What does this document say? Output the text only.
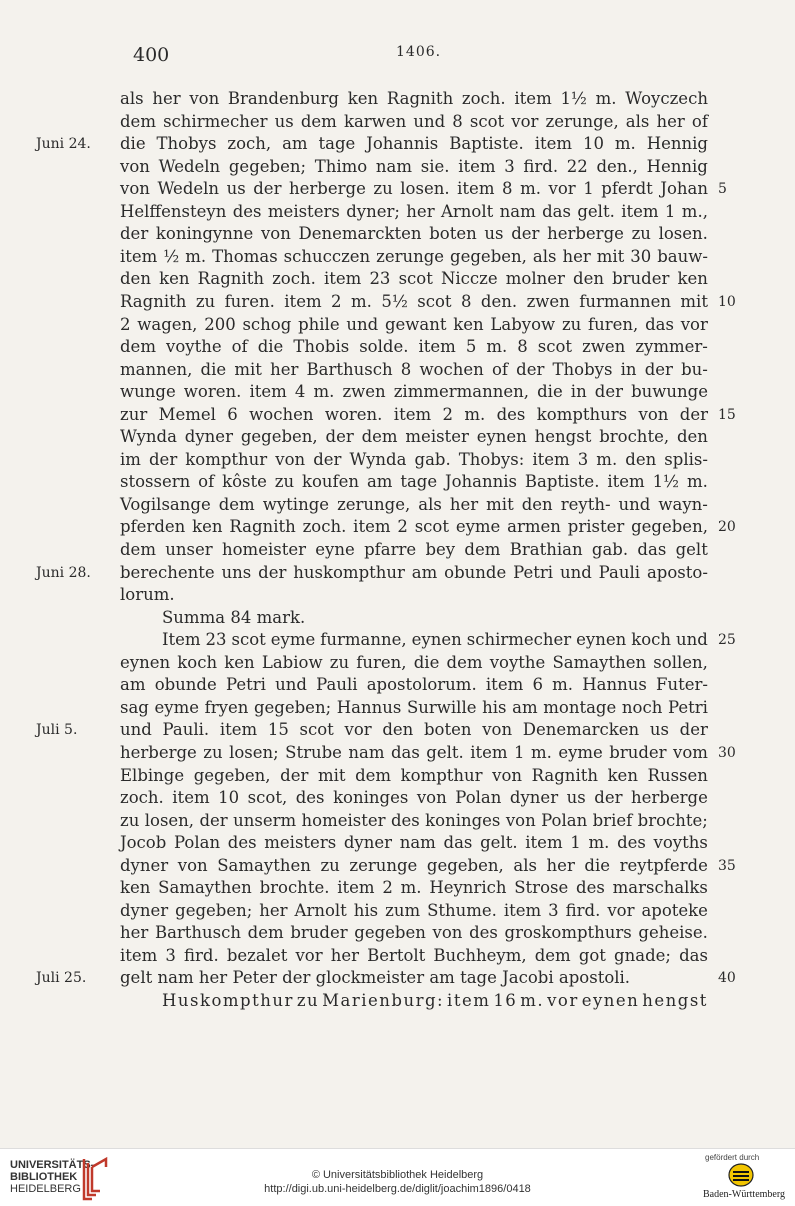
400	1406.
als her von Brandenburg ken Ragnith zoch. item 1½ m. Woyczech
dem schirmecher us dem karwen und 8 scot vor zerunge, als her of
die Thobys zoch, am tage Johannis Baptiste. item 10 m. Hennig
Juni 24.
von Wedeln gegeben; Thimo nam sie. item 3 fird. 22 den., Hennig
von Wedeln us der herberge zu losen. item 8 m. vor 1 pferdt Johan 5
Helffensteyn des meisters dyner; her Arnolt nam das gelt. item 1 m.,
der koningynne von Denemarckten boten us der herberge zu losen.
item ½ m. Thomas schucczen zerunge gegeben, als her mit 30 bauw-
den ken Ragnith zoch. item 23 scot Niccze molner den bruder ken
Ragnith zu furen. item 2 m. 5½ scot 8 den. zwen furmannen mit 10
2 wagen, 200 schog phile und gewant ken Labyow zu furen, das vor
dem voythe of die Thobis solde. item 5 m. 8 scot zwen zymmer-
mannen, die mit her Barthusch 8 wochen of der Thobys in der bu-
wunge woren. item 4 m. zwen zimmermannen, die in der buwunge
zur Memel 6 wochen woren. item 2 m. des kompthurs von der 15
Wynda dyner gegeben, der dem meister eynen hengst brochte, den
im der kompthur von der Wynda gab. Thobys: item 3 m. den splis-
stossern of kôste zu koufen am tage Johannis Baptiste. item 1½ m.
Vogilsange dem wytinge zerunge, als her mit den reyth- und wayn-
pferden ken Ragnith zoch. item 2 scot eyme armen prister gegeben, 20
dem unser homeister eyne pfarre bey dem Brathian gab. das gelt
berechente uns der huskompthur am obunde Petri und Pauli aposto-
Juni 28.
lorum.
Summa 84 mark.
Item 23 scot eyme furmanne, eynen schirmecher eynen koch und 25
eynen koch ken Labiow zu furen, die dem voythe Samaythen sollen,
am obunde Petri und Pauli apostolorum. item 6 m. Hannus Futer-
sag eyme fryen gegeben; Hannus Surwille his am montage noch Petri
und Pauli. item 15 scot vor den boten von Denemarcken us der
Juli 5.
herberge zu losen; Strube nam das gelt. item 1 m. eyme bruder vom 30
Elbinge gegeben, der mit dem kompthur von Ragnith ken Russen
zoch. item 10 scot, des koninges von Polan dyner us der herberge
zu losen, der unserm homeister des koninges von Polan brief brochte;
Jocob Polan des meisters dyner nam das gelt. item 1 m. des voyths
dyner von Samaythen zu zerunge gegeben, als her die reytpferde 35
ken Samaythen brochte. item 2 m. Heynrich Strose des marschalks
dyner gegeben; her Arnolt his zum Sthume. item 3 fird. vor apoteke
her Barthusch dem bruder gegeben von des groskompthurs geheise.
item 3 fird. bezalet vor her Bertolt Buchheym, dem got gnade; das
gelt nam her Peter der glockmeister am tage Jacobi apostoli.
Juli 25.	40
Huskompthur zu Marienburg: item 16 m. vor eynen hengst
UNIVERSITÄTS-
BIBLIOTHEK
HEIDELBERG
© Universitätsbibliothek Heidelberg
http://digi.ub.uni-heidelberg.de/diglit/joachim1896/0418
gefördert durch
Baden-Württemberg
